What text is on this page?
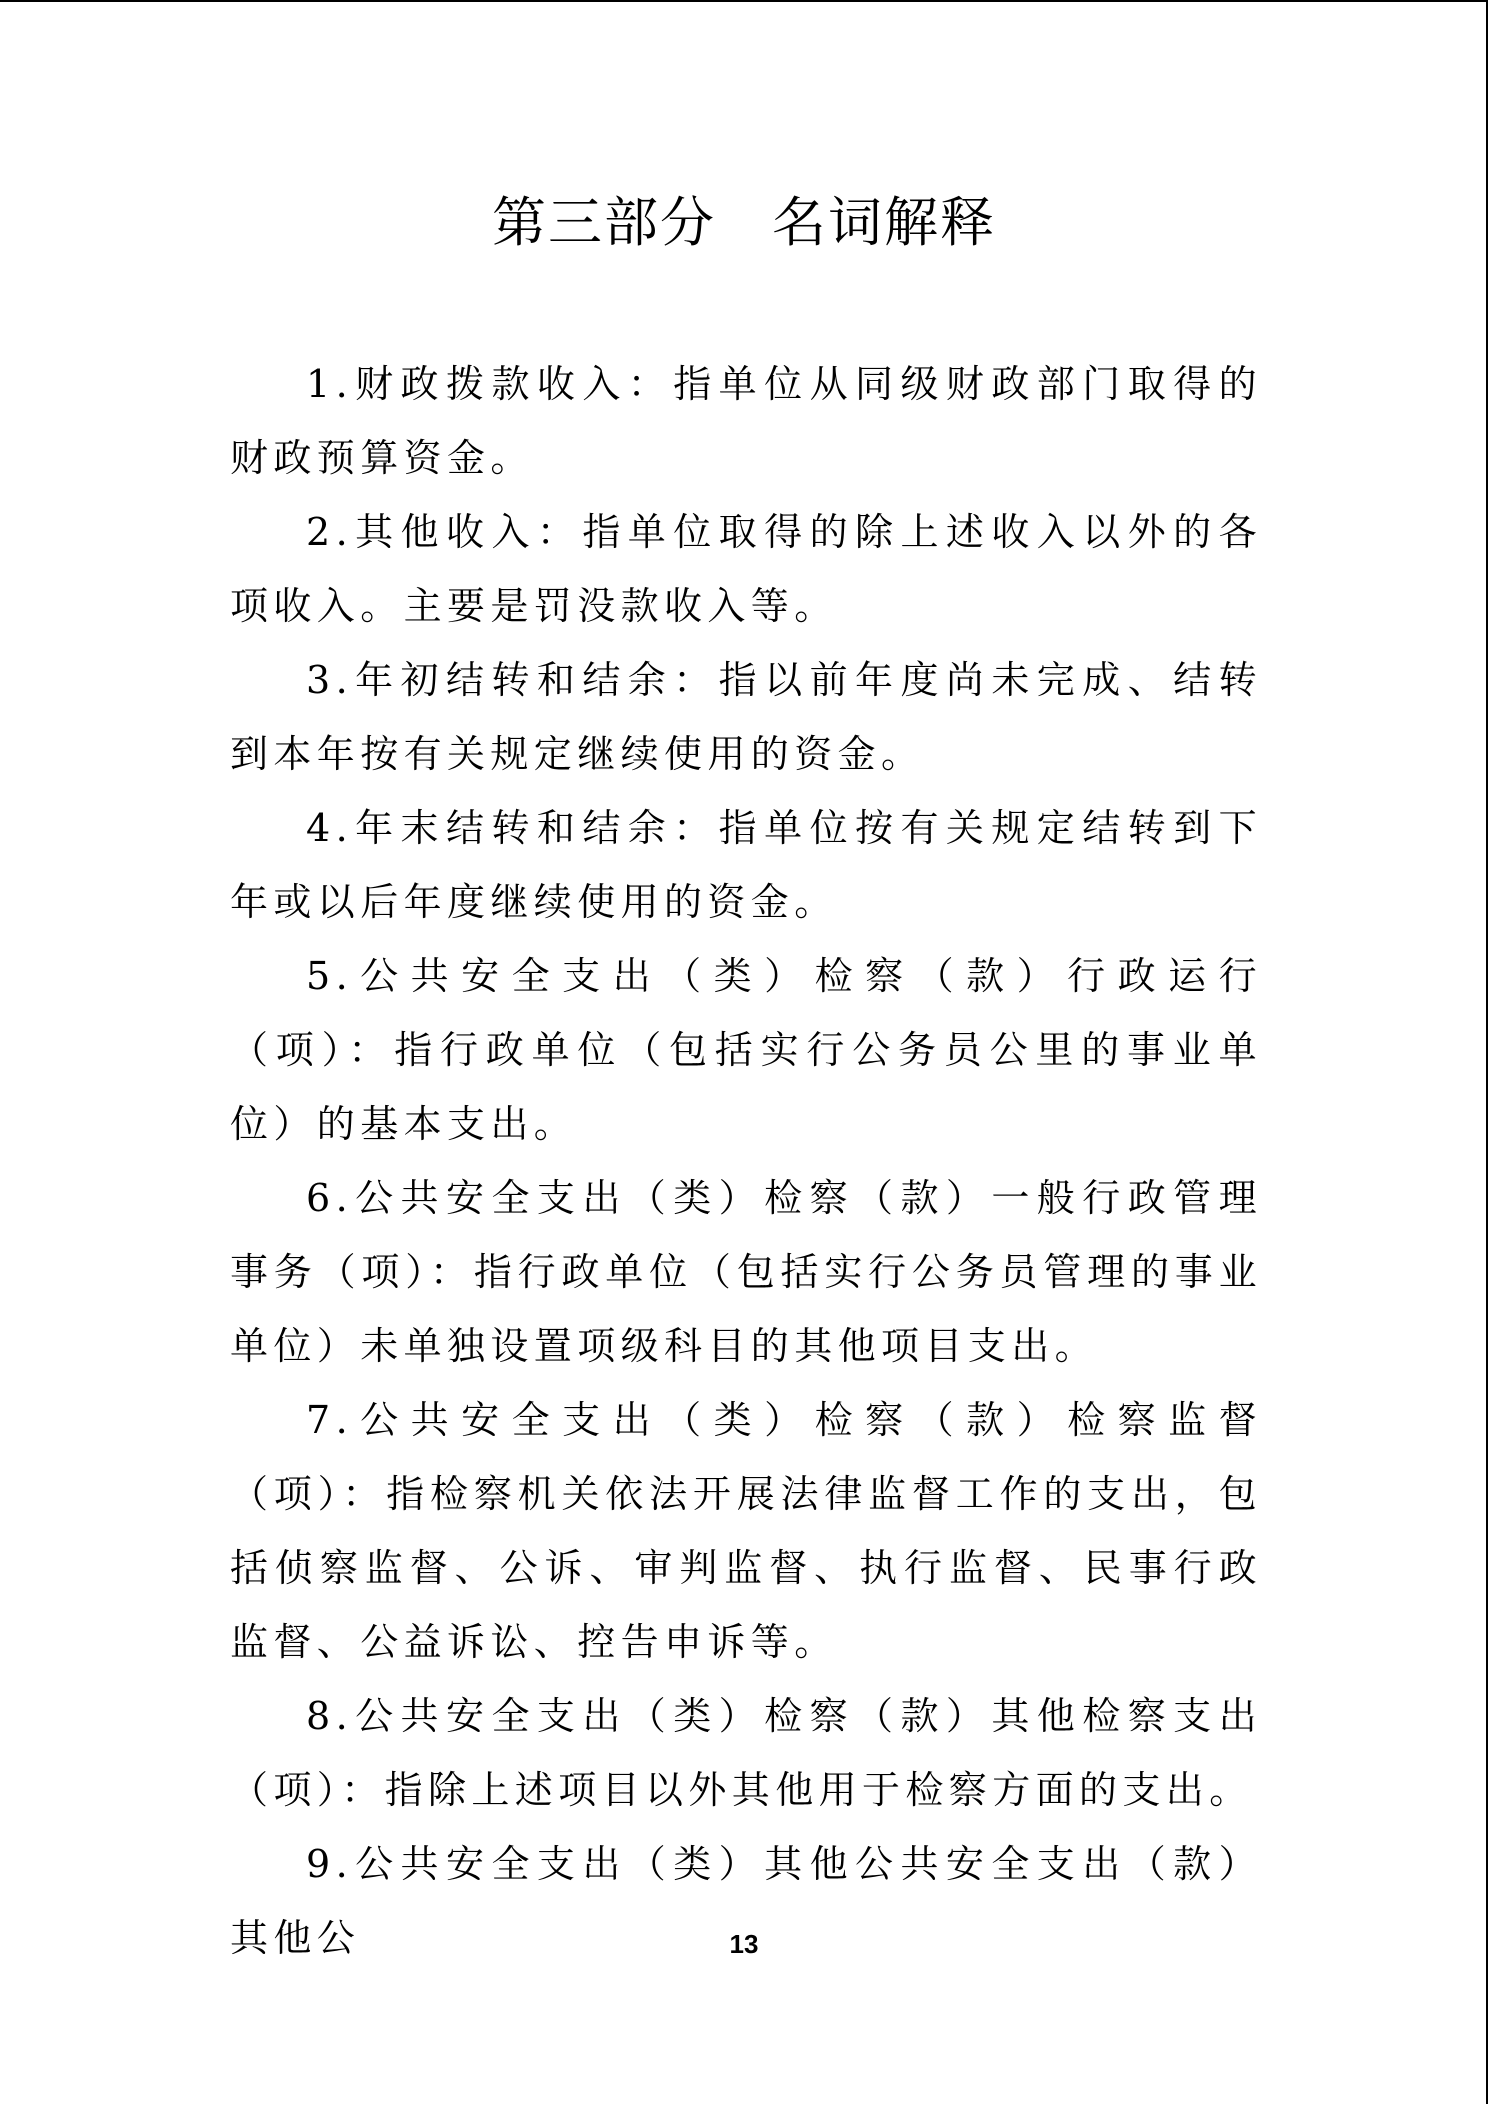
第三部分　名词解释

1.财政拨款收入：指单位从同级财政部门取得的财政预算资金。

2.其他收入：指单位取得的除上述收入以外的各项收入。主要是罚没款收入等。

3.年初结转和结余：指以前年度尚未完成、结转到本年按有关规定继续使用的资金。

4.年末结转和结余：指单位按有关规定结转到下年或以后年度继续使用的资金。

5.公共安全支出（类）检察（款）行政运行（项）：指行政单位（包括实行公务员公里的事业单位）的基本支出。

6.公共安全支出（类）检察（款）一般行政管理事务（项）：指行政单位（包括实行公务员管理的事业单位）未单独设置项级科目的其他项目支出。

7.公共安全支出（类）检察（款）检察监督（项）：指检察机关依法开展法律监督工作的支出，包括侦察监督、公诉、审判监督、执行监督、民事行政监督、公益诉讼、控告申诉等。

8.公共安全支出（类）检察（款）其他检察支出（项）：指除上述项目以外其他用于检察方面的支出。

9.公共安全支出（类）其他公共安全支出（款）其他公	13
